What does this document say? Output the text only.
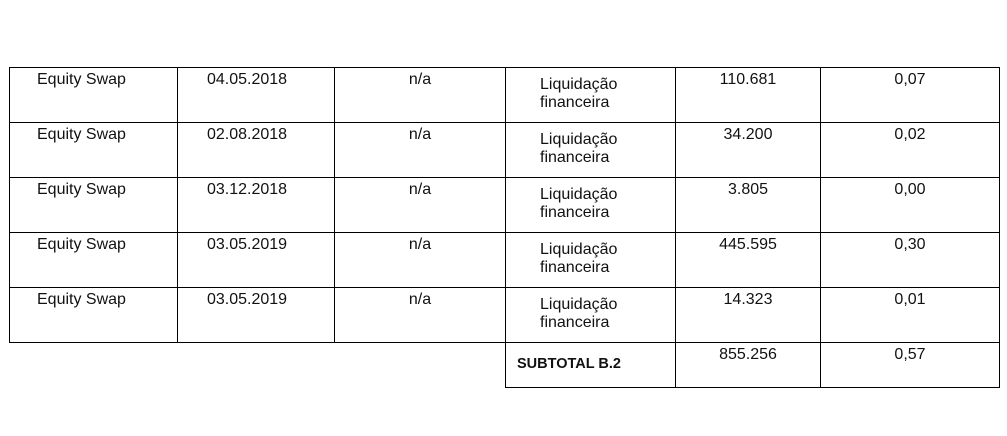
Equity Swap	04.05.2018	n/a	Liquidação
financeira	110.681	0,07
Equity Swap	02.08.2018	n/a	Liquidação
financeira	34.200	0,02
Equity Swap	03.12.2018	n/a	Liquidação
financeira	3.805	0,00
Equity Swap	03.05.2019	n/a	Liquidação
financeira	445.595	0,30
Equity Swap	03.05.2019	n/a	Liquidação
financeira	14.323	0,01
			SUBTOTAL B.2	855.256	0,57
